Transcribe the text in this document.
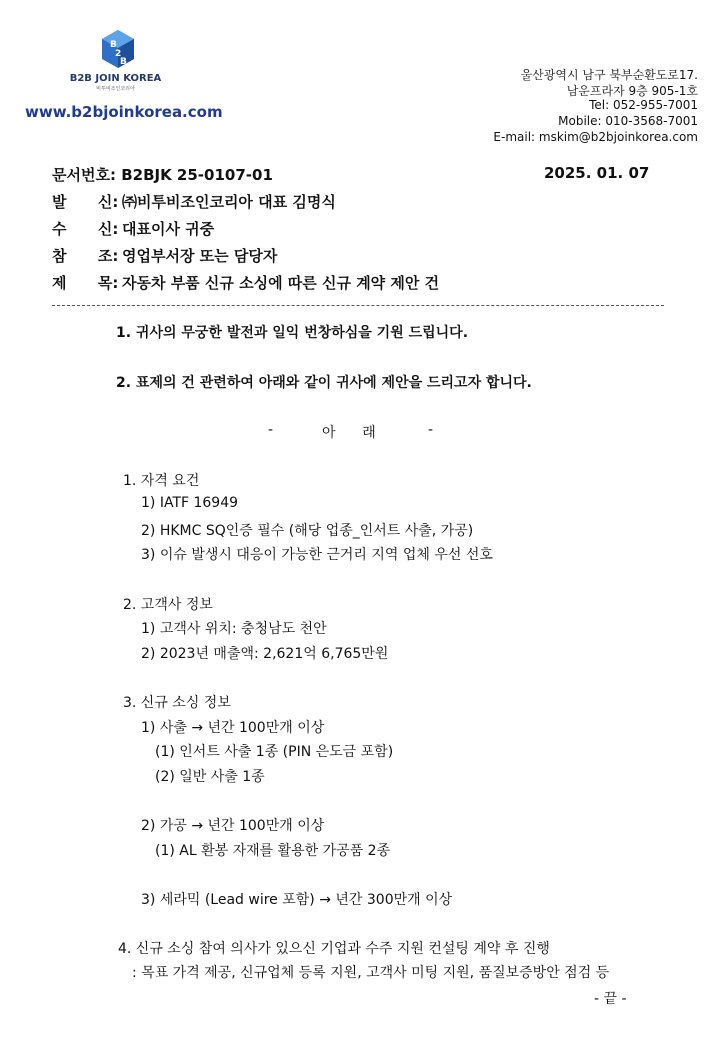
B
2
B
B2B JOIN KOREA
비투비조인코리아
www.b2bjoinkorea.com
울산광역시 남구 북부순환도로17.
남운프라자 9층 905-1호
Tel: 052-955-7001
Mobile: 010-3568-7001
E-mail: mskim@b2bjoinkorea.com
문서번호: B2BJK 25-0107-01	2025. 01. 07
발      신: ㈜비투비조인코리아 대표 김명식
수      신: 대표이사 귀중
참      조: 영업부서장 또는 담당자
제      목: 자동차 부품 신규 소싱에 따른 신규 계약 제안 건
1. 귀사의 무궁한 발전과 일익 번창하심을 기원 드립니다.
2. 표제의 건 관련하여 아래와 같이 귀사에 제안을 드리고자 합니다.
-	아      래	-
1. 자격 요건
1) IATF 16949
2) HKMC SQ인증 필수 (해당 업종_인서트 사출, 가공)
3) 이슈 발생시 대응이 가능한 근거리 지역 업체 우선 선호
2. 고객사 정보
1) 고객사 위치: 충청남도 천안
2) 2023년 매출액: 2,621억 6,765만원
3. 신규 소싱 정보
1) 사출 → 년간 100만개 이상
(1) 인서트 사출 1종 (PIN 은도금 포함)
(2) 일반 사출 1종
2) 가공 → 년간 100만개 이상
(1) AL 환봉 자재를 활용한 가공품 2종
3) 세라믹 (Lead wire 포함) → 년간 300만개 이상
4. 신규 소싱 참여 의사가 있으신 기업과 수주 지원 컨설팅 계약 후 진행
: 목표 가격 제공, 신규업체 등록 지원, 고객사 미팅 지원, 품질보증방안 점검 등
- 끝 -
